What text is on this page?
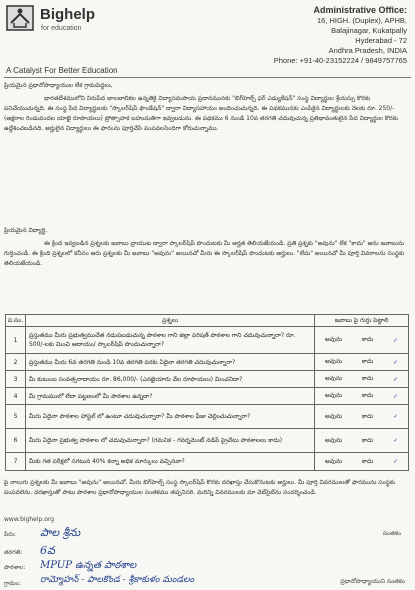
Bighelp
for education
A Catalyst For Better Education
Administrative Office:
16, HIGH. (Duplex), APHB,
Balajinagar, Kukatpally
Hyderabad - 72
Andhra Pradesh, INDIA
Phone: +91-40-23152224 / 9849757765
ప్రియమైన ప్రధానోపాధ్యాయుల లేక గ్రామపెద్దలు,
భారతదేశములోని నిరుపేద బాలబాలికల ఉన్నతికై విద్యాసదుపాయ ప్రదానమునకు "బిగ్‌హెల్ప్ ఫర్ ఎడ్యుకేషన్" సంస్థ విద్యార్థుల శ్రేయస్సు కొరకు పనిచేయుచున్నది. ఈ సంస్థ పేద విద్యార్థులకు "స్కాలర్‌షిప్ ఫౌండేషన్" ద్వారా విద్యాసహాయం అందించుచున్నది. ఈ పథకమునకు ఎంపికైన విద్యార్థులకు నెలకు రూ. 250/- (అక్షరాల రెండువందల యాభై రూపాయలు) ప్రోత్సాహక బహుమతిగా ఇవ్వబడును. ఈ పథకము 6 నుండి 10వ తరగతి చదువుచున్న ప్రతిభావంతులైన పేద విద్యార్థుల కొరకు ఉద్దేశించబడినది. అర్హులైన విద్యార్థులు ఈ ఫారంను పూర్తిచేసి పంపవలసిందిగా కోరుచున్నాము.
ప్రియమైన విద్యార్థి,
ఈ క్రింద ఇవ్వబడిన ప్రశ్నలకు జవాబు వ్రాయుట ద్వారా స్కాలర్‌షిప్ పొందుటకు మీ అర్హత తెలియజేయండి. ప్రతి ప్రశ్నకు "అవును" లేక "కాదు" అను జవాబును గుర్తించండి. ఈ క్రింది ప్రశ్నలలో కనీసం ఆరు ప్రశ్నలకు మీ జవాబు "అవును" అయినచో మీరు ఈ స్కాలర్‌షిప్ పొందుటకు అర్హులు. "లేదు" అయినచో మీ పూర్తి వివరాలను సంస్థకు తెలియజేయండి.
ప.సం.	ప్రశ్నలు	జవాబు పై గుర్తు పెట్టాలి
1	ప్రస్తుతము మీరు ప్రభుత్వముచేత నడుపబడుచున్న పాఠశాల గాని జిల్లా పరిషత్ పాఠశాల గాని చదువుచున్నారా? రూ. 500/-లకు మించి ఆదాయం/ స్కాలర్‌షిప్ పొందుచున్నారా?	అవును కాదు ✓

2	ప్రస్తుతము మీరు 6వ తరగతి నుండి 10వ తరగతి వరకు ఏదైనా తరగతి చదువుచున్నారా?	అవును కాదు ✓

3	మీ కుటుంబ సంవత్సరాదాయం రూ. 86,000/- (ఎనభైయారు వేల రూపాయలు) మించనిదా?	అవును కాదు ✓

4	మీ గ్రామములో లేదా పట్టణంలో మీ పాఠశాల ఉన్నదా?	అవును కాదు ✓

5	మీరు ఏదైనా పాఠశాల హాస్టల్ లో ఉంటూ చదువుచున్నారా? మీ పాఠశాల ఫీజు చెల్లించుచున్నారా?	అవును కాదు ✓

6	మీరు ఏదైనా ప్రభుత్వ పాఠశాల లో చదువుచున్నారా? (గమనిక - గవర్నమెంట్ నడిపే ప్రైవేటు పాఠశాలలు కాదు)	అవును కాదు ✓

7	మీకు గత పరీక్షలో సగటున 40% కన్నా అధిక మార్కులు వచ్చినవా?	అవును కాదు ✓
పై నాలుగు ప్రశ్నలకు మీ జవాబు "అవును" అయినచో, మీరు బిగ్‌హెల్ప్ సంస్థ స్కాలర్‌షిప్ కొరకు దరఖాస్తు చేసుకొనుటకు అర్హులు. మీ పూర్తి వివరములతో ఫారమును సంస్థకు పంపవలెను. దరఖాస్తుతో పాటు పాఠశాల ప్రధానోపాధ్యాయుల సంతకము తప్పనిసరి. మరిన్ని వివరములకు మా వెబ్‌సైట్‌ను సందర్శించండి.
www.bighelp.org
పేరు: పాల శ్రీను
తరగతి: 6వ
పాఠశాల: MPUP ఉన్నత పాఠశాల
గ్రామం: రామ్మోహన్ - పాలకొండ - శ్రీకాకుళం మండలం
సంతకం
ప్రధానోపాధ్యాయుని సంతకం
